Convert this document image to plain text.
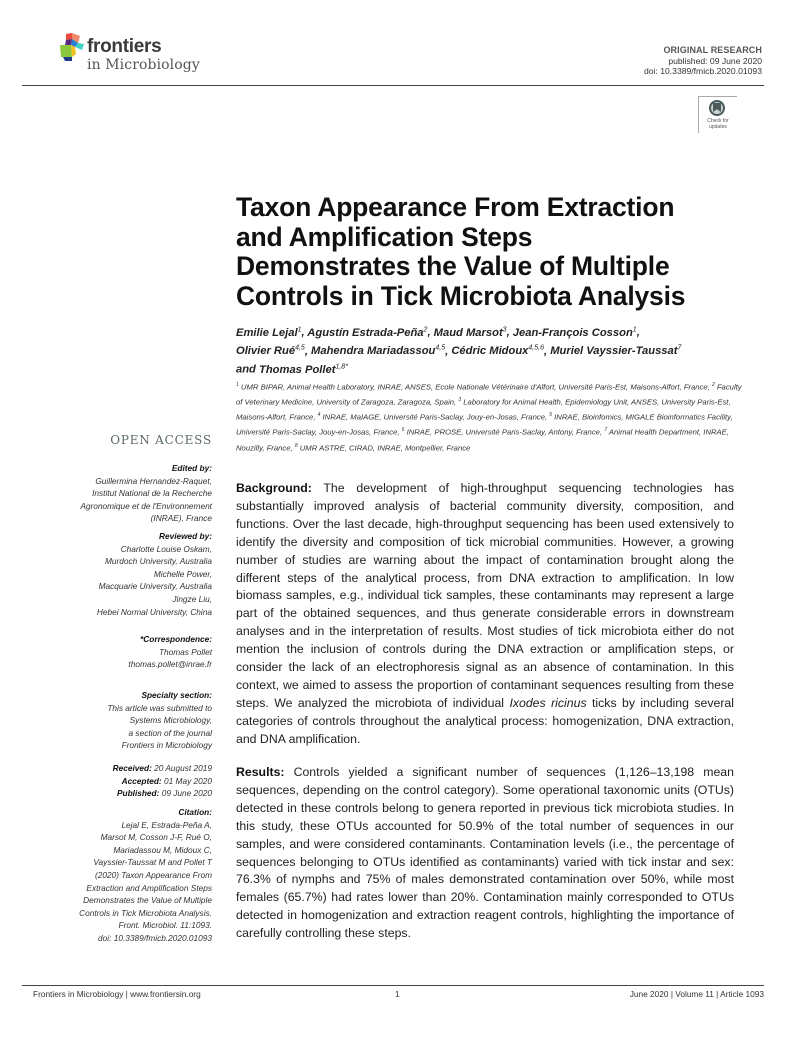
frontiers
in Microbiology
ORIGINAL RESEARCH
published: 09 June 2020
doi: 10.3389/fmicb.2020.01093
Check for updates
Taxon Appearance From Extraction
and Amplification Steps
Demonstrates the Value of Multiple
Controls in Tick Microbiota Analysis
Emilie Lejal$^1$, Agustín Estrada-Peña$^2$, Maud Marsot$^3$, Jean-François Cosson$^1$,
Olivier Rué$^{4,5}$, Mahendra Mariadassou$^{4,5}$, Cédric Midoux$^{4,5,6}$, Muriel Vayssier-Taussat$^7$
and Thomas Pollet$^{1,8*}$
$^1$ UMR BIPAR, Animal Health Laboratory, INRAE, ANSES, Ecole Nationale Vétérinaire d'Alfort, Université Paris-Est, Maisons-Alfort, France, $^2$ Faculty of Veterinary Medicine, University of Zaragoza, Zaragoza, Spain, $^3$ Laboratory for Animal Health, Epidemiology Unit, ANSES, University Paris-Est, Maisons-Alfort, France, $^4$ INRAE, MaIAGE, Université Paris-Saclay, Jouy-en-Josas, France, $^5$ INRAE, Bioinfomics, MIGALE Bioinformatics Facility, Université Paris-Saclay, Jouy-en-Josas, France, $^6$ INRAE, PROSE, Université Paris-Saclay, Antony, France, $^7$ Animal Health Department, INRAE, Nouzilly, France, $^8$ UMR ASTRE, CIRAD, INRAE, Montpellier, France
OPEN ACCESS
Edited by:
Guillermina Hernandez-Raquet,
Institut National de la Recherche
Agronomique et de l'Environnement
(INRAE), France
Reviewed by:
Charlotte Louise Oskam,
Murdoch University, Australia
Michelle Power,
Macquarie University, Australia
Jingze Liu,
Hebei Normal University, China
*Correspondence:
Thomas Pollet
thomas.pollet@inrae.fr
Specialty section:
This article was submitted to
Systems Microbiology,
a section of the journal
Frontiers in Microbiology
Received: 20 August 2019
Accepted: 01 May 2020
Published: 09 June 2020
Citation:
Lejal E, Estrada-Peña A,
Marsot M, Cosson J-F, Rué O,
Mariadassou M, Midoux C,
Vayssier-Taussat M and Pollet T
(2020) Taxon Appearance From
Extraction and Amplification Steps
Demonstrates the Value of Multiple
Controls in Tick Microbiota Analysis.
Front. Microbiol. 11:1093.
doi: 10.3389/fmicb.2020.01093
Background: The development of high-throughput sequencing technologies has substantially improved analysis of bacterial community diversity, composition, and functions. Over the last decade, high-throughput sequencing has been used extensively to identify the diversity and composition of tick microbial communities. However, a growing number of studies are warning about the impact of contamination brought along the different steps of the analytical process, from DNA extraction to amplification. In low biomass samples, e.g., individual tick samples, these contaminants may represent a large part of the obtained sequences, and thus generate considerable errors in downstream analyses and in the interpretation of results. Most studies of tick microbiota either do not mention the inclusion of controls during the DNA extraction or amplification steps, or consider the lack of an electrophoresis signal as an absence of contamination. In this context, we aimed to assess the proportion of contaminant sequences resulting from these steps. We analyzed the microbiota of individual Ixodes ricinus ticks by including several categories of controls throughout the analytical process: homogenization, DNA extraction, and DNA amplification.
Results: Controls yielded a significant number of sequences (1,126–13,198 mean sequences, depending on the control category). Some operational taxonomic units (OTUs) detected in these controls belong to genera reported in previous tick microbiota studies. In this study, these OTUs accounted for 50.9% of the total number of sequences in our samples, and were considered contaminants. Contamination levels (i.e., the percentage of sequences belonging to OTUs identified as contaminants) varied with tick instar and sex: 76.3% of nymphs and 75% of males demonstrated contamination over 50%, while most females (65.7%) had rates lower than 20%. Contamination mainly corresponded to OTUs detected in homogenization and extraction reagent controls, highlighting the importance of carefully controlling these steps.
Frontiers in Microbiology | www.frontiersin.org	1	June 2020 | Volume 11 | Article 1093
